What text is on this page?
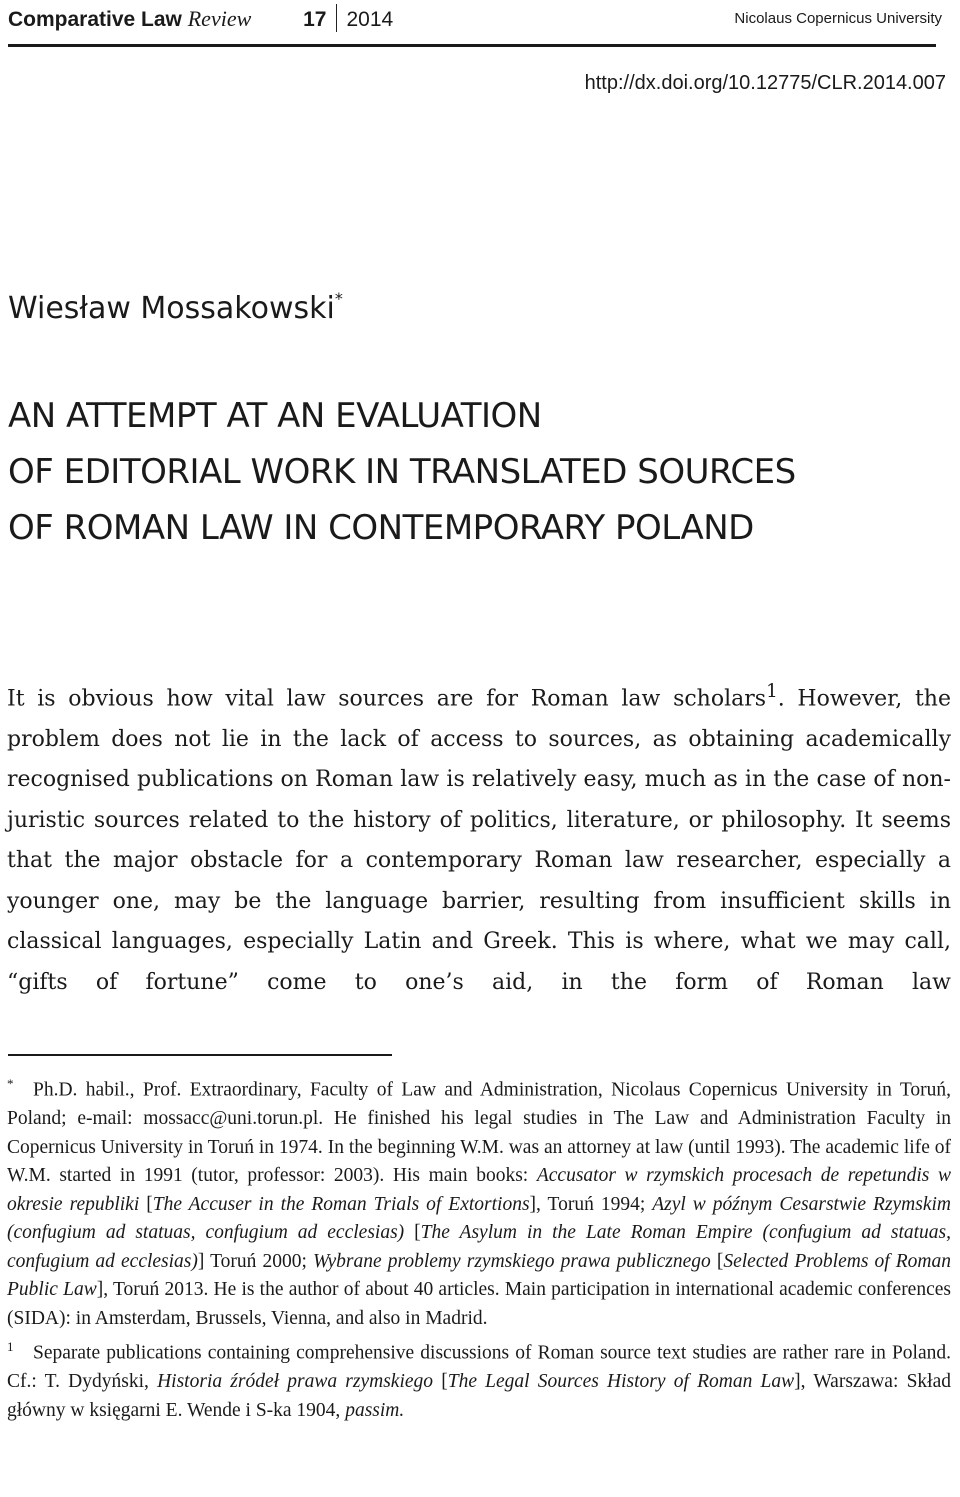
Comparative Law Review 17 2014	Nicolaus Copernicus University
http://dx.doi.org/10.12775/CLR.2014.007
Wiesław Mossakowski*
AN ATTEMPT AT AN EVALUATION
OF EDITORIAL WORK IN TRANSLATED SOURCES
OF ROMAN LAW IN CONTEMPORARY POLAND

It is obvious how vital law sources are for Roman law scholars$^1$. However, the problem does not lie in the lack of access to sources, as obtaining academically recognised publications on Roman law is relatively easy, much as in the case of non-juristic sources related to the history of politics, literature, or philosophy. It seems that the major obstacle for a contemporary Roman law researcher, especially a younger one, may be the language barrier, resulting from insufficient skills in classical languages, especially Latin and Greek. This is where, what we may call, “gifts of fortune” come to one’s aid, in the form of Roman law

* Ph.D. habil., Prof. Extraordinary, Faculty of Law and Administration, Nicolaus Copernicus University in Toruń, Poland; e-mail: mossacc@uni.torun.pl. He finished his legal studies in The Law and Administration Faculty in Copernicus University in Toruń in 1974. In the beginning W.M. was an attorney at law (until 1993). The academic life of W.M. started in 1991 (tutor, professor: 2003). His main books: Accusator w rzymskich procesach de repetundis w okresie republiki [The Accuser in the Roman Trials of Extortions], Toruń 1994; Azyl w późnym Cesarstwie Rzymskim (confugium ad statuas, confugium ad ecclesias) [The Asylum in the Late Roman Empire (confugium ad statuas, confugium ad ecclesias)] Toruń 2000; Wybrane problemy rzymskiego prawa publicznego [Selected Problems of Roman Public Law], Toruń 2013. He is the author of about 40 articles. Main participation in international academic conferences (SIDA): in Amsterdam, Brussels, Vienna, and also in Madrid.

$^1$ Separate publications containing comprehensive discussions of Roman source text studies are rather rare in Poland. Cf.: T. Dydyński, Historia źródeł prawa rzymskiego [The Legal Sources History of Roman Law], Warszawa: Skład główny w księgarni E. Wende i S-ka 1904, passim.
